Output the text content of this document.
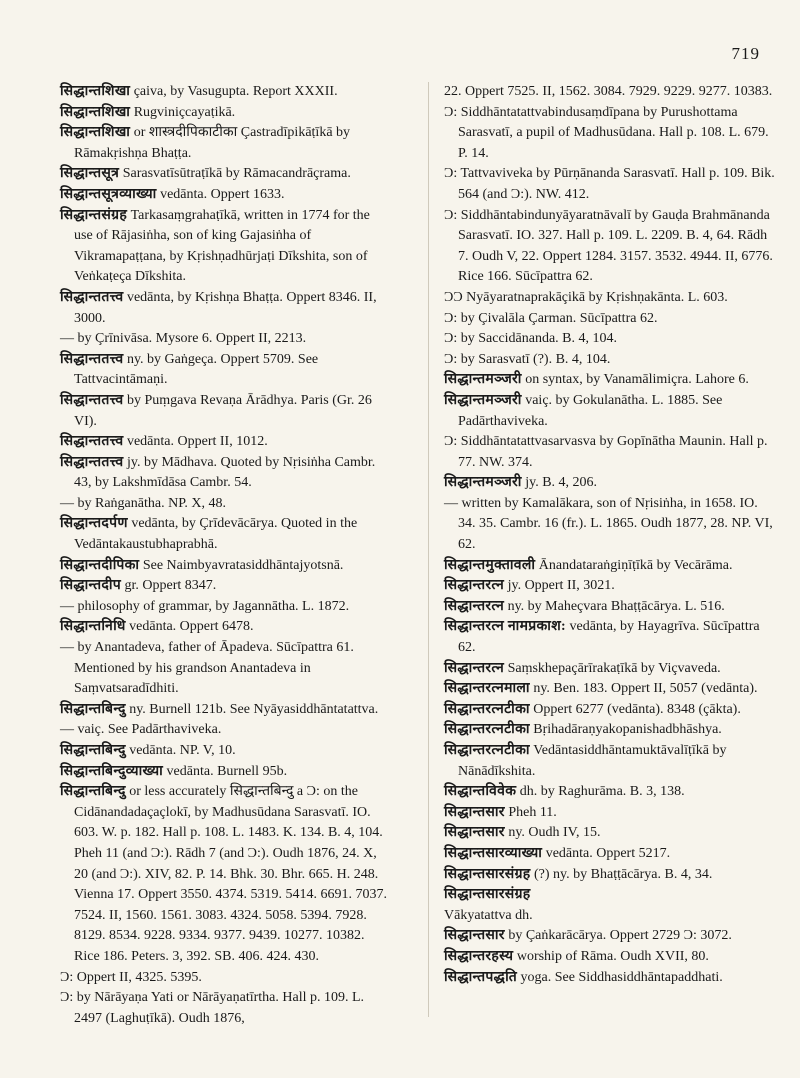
719
सिद्धान्तशिखा çaiva, by Vasugupta. Report XXXII.
सिद्धान्तशिखा Rugviniçcayaṭikā.
सिद्धान्तशिखा or शास्त्रदीपिकाटीका Çastradīpikāṭīkā by Rāmakṛishṇa Bhaṭṭa.
सिद्धान्तसूत्र Sarasvatīsūtraṭīkā by Rāmacandrāçrama.
सिद्धान्तसूत्रव्याख्या vedānta. Oppert 1633.
सिद्धान्तसंग्रह Tarkasaṃgrahaṭīkā, written in 1774 for the use of Rājasiṅha, son of king Gajasiṅha of Vikramapaṭṭana, by Kṛishṇadhūrjaṭi Dīkshita, son of Veṅkaṭeça Dīkshita.
सिद्धान्ततत्त्व vedānta, by Kṛishṇa Bhaṭṭa. Oppert 8346. II, 3000.
— by Çrīnivāsa. Mysore 6. Oppert II, 2213.
सिद्धान्ततत्त्व ny. by Gaṅgeça. Oppert 5709. See Tattvacintāmaṇi.
सिद्धान्ततत्त्व by Puṃgava Revaṇa Ārādhya. Paris (Gr. 26 VI).
सिद्धान्ततत्त्व vedānta. Oppert II, 1012.
सिद्धान्ततत्त्व jy. by Mādhava. Quoted by Nṛisiṅha Cambr. 43, by Lakshmīdāsa Cambr. 54.
— by Raṅganātha. NP. X, 48.
सिद्धान्तदर्पण vedānta, by Çrīdevācārya. Quoted in the Vedāntakaustubhaprabhā.
सिद्धान्तदीपिका See Naimbyavratasiddhāntajyotsnā.
सिद्धान्तदीप gr. Oppert 8347.
— philosophy of grammar, by Jagannātha. L. 1872.
सिद्धान्तनिधि vedānta. Oppert 6478.
— by Anantadeva, father of Āpadeva. Sūcīpattra 61. Mentioned by his grandson Anantadeva in Saṃvatsaradīdhiti.
सिद्धान्तबिन्दु ny. Burnell 121b. See Nyāyasiddhāntatattva.
— vaiç. See Padārthaviveka.
सिद्धान्तबिन्दु vedānta. NP. V, 10.
सिद्धान्तबिन्दुव्याख्या vedānta. Burnell 95b.
सिद्धान्तबिन्दु or less accurately सिद्धान्तबिन्दु a Ɔ: on the Cidānandadaçaçlokī, by Madhusūdana Sarasvatī. IO. 603. W. p. 182. Hall p. 108. L. 1483. K. 134. B. 4, 104. Pheh 11 (and Ɔ:). Rādh 7 (and Ɔ:). Oudh 1876, 24. X, 20 (and Ɔ:). XIV, 82. P. 14. Bhk. 30. Bhr. 665. H. 248. Vienna 17. Oppert 3550. 4374. 5319. 5414. 6691. 7037. 7524. II, 1560. 1561. 3083. 4324. 5058. 5394. 7928. 8129. 8534. 9228. 9334. 9377. 9439. 10277. 10382. Rice 186. Peters. 3, 392. SB. 406. 424. 430.
Ɔ: Oppert II, 4325. 5395.
Ɔ: by Nārāyaṇa Yati or Nārāyaṇatīrtha. Hall p. 109. L. 2497 (Laghuṭīkā). Oudh 1876,
22. Oppert 7525. II, 1562. 3084. 7929. 9229. 9277. 10383.
Ɔ: Siddhāntatattvabindusaṃdīpana by Purushottama Sarasvatī, a pupil of Madhusūdana. Hall p. 108. L. 679. P. 14.
Ɔ: Tattvaviveka by Pūrṇānanda Sarasvatī. Hall p. 109. Bik. 564 (and Ɔ:). NW. 412.
Ɔ: Siddhāntabindunyāyaratnāvalī by Gauḍa Brahmānanda Sarasvatī. IO. 327. Hall p. 109. L. 2209. B. 4, 64. Rādh 7. Oudh V, 22. Oppert 1284. 3157. 3532. 4944. II, 6776. Rice 166. Sūcīpattra 62.
ƆƆ Nyāyaratnaprakāçikā by Kṛishṇakānta. L. 603.
Ɔ: by Çivalāla Çarman. Sūcīpattra 62.
Ɔ: by Saccidānanda. B. 4, 104.
Ɔ: by Sarasvatī (?). B. 4, 104.
सिद्धान्तमञ्जरी on syntax, by Vanamālimiçra. Lahore 6.
सिद्धान्तमञ्जरी vaiç. by Gokulanātha. L. 1885. See Padārthaviveka.
Ɔ: Siddhāntatattvasarvasva by Gopīnātha Maunin. Hall p. 77. NW. 374.
सिद्धान्तमञ्जरी jy. B. 4, 206.
— written by Kamalākara, son of Nṛisiṅha, in 1658. IO. 34. 35. Cambr. 16 (fr.). L. 1865. Oudh 1877, 28. NP. VI, 62.
सिद्धान्तमुक्तावली Ānandataraṅgiṇīṭīkā by Vecārāma.
सिद्धान्तरत्न jy. Oppert II, 3021.
सिद्धान्तरत्न ny. by Maheçvara Bhaṭṭācārya. L. 516.
सिद्धान्तरत्न नामप्रकाश: vedānta, by Hayagrīva. Sūcīpattra 62.
सिद्धान्तरत्न Saṃskhepaçārīrakaṭīkā by Viçvaveda.
सिद्धान्तरत्नमाला ny. Ben. 183. Oppert II, 5057 (vedānta).
सिद्धान्तरत्नटीका Oppert 6277 (vedānta). 8348 (çākta).
सिद्धान्तरत्नटीका Bṛihadāraṇyakopanishadbhāshya.
सिद्धान्तरत्नटीका Vedāntasiddhāntamuktāvalīṭīkā by Nānādīkshita.
सिद्धान्तविवेक dh. by Raghurāma. B. 3, 138.
सिद्धान्तसार Pheh 11.
सिद्धान्तसार ny. Oudh IV, 15.
सिद्धान्तसारव्याख्या vedānta. Oppert 5217.
सिद्धान्तसारसंग्रह (?) ny. by Bhaṭṭācārya. B. 4, 34.
सिद्धान्तसारसंग्रह
Vākyatattva dh.
सिद्धान्तसार by Çaṅkarācārya. Oppert 2729 Ɔ: 3072.
सिद्धान्तरहस्य worship of Rāma. Oudh XVII, 80.
सिद्धान्तपद्धति yoga. See Siddhasiddhāntapaddhati.
